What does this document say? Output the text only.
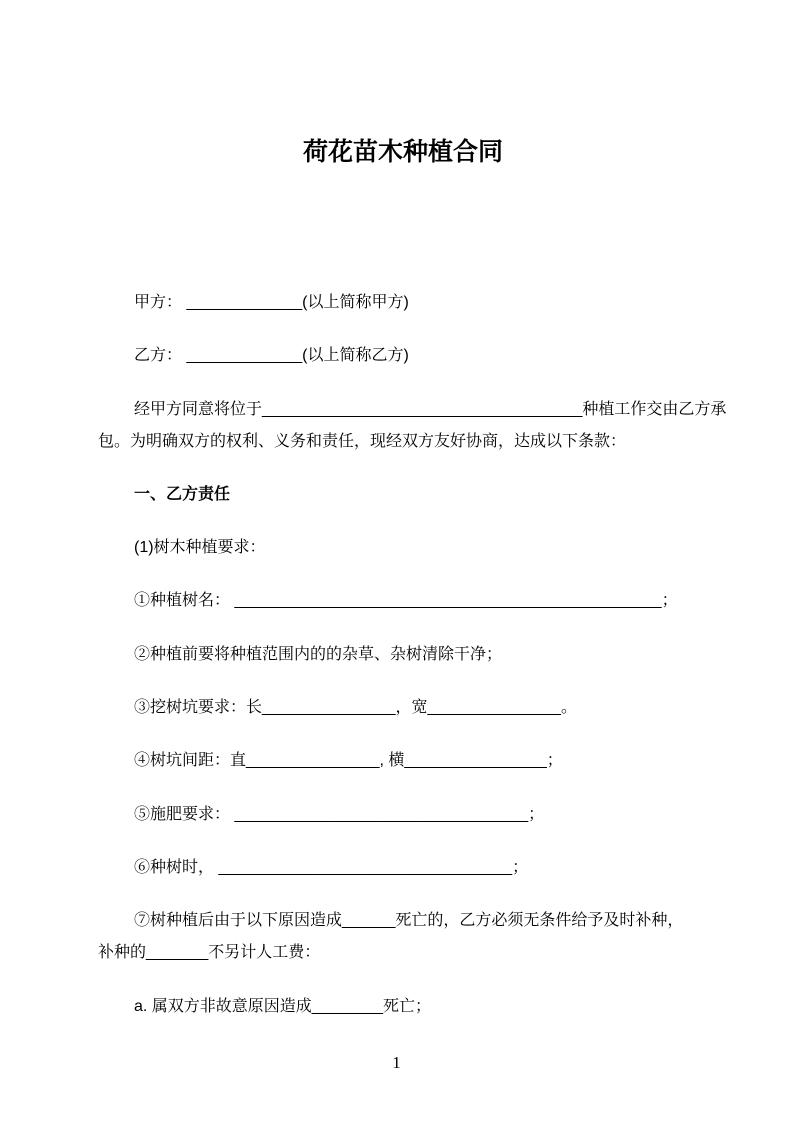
荷花苗木种植合同

甲方： _____________(以上简称甲方)

乙方： _____________(以上简称乙方)

经甲方同意将位于____________________________________种植工作交由乙方承
包。为明确双方的权利、义务和责任，现经双方友好协商，达成以下条款：

一、乙方责任

(1)树木种植要求：

①种植树名： ________________________________________________；

②种植前要将种植范围内的的杂草、杂树清除干净；

③挖树坑要求：长_______________，宽_______________。

④树坑间距：直_______________, 横________________；

⑤施肥要求： _________________________________；

⑥种树时， _________________________________；

⑦树种植后由于以下原因造成______死亡的，乙方必须无条件给予及时补种，
补种的_______不另计人工费：

a. 属双方非故意原因造成________死亡；

1
